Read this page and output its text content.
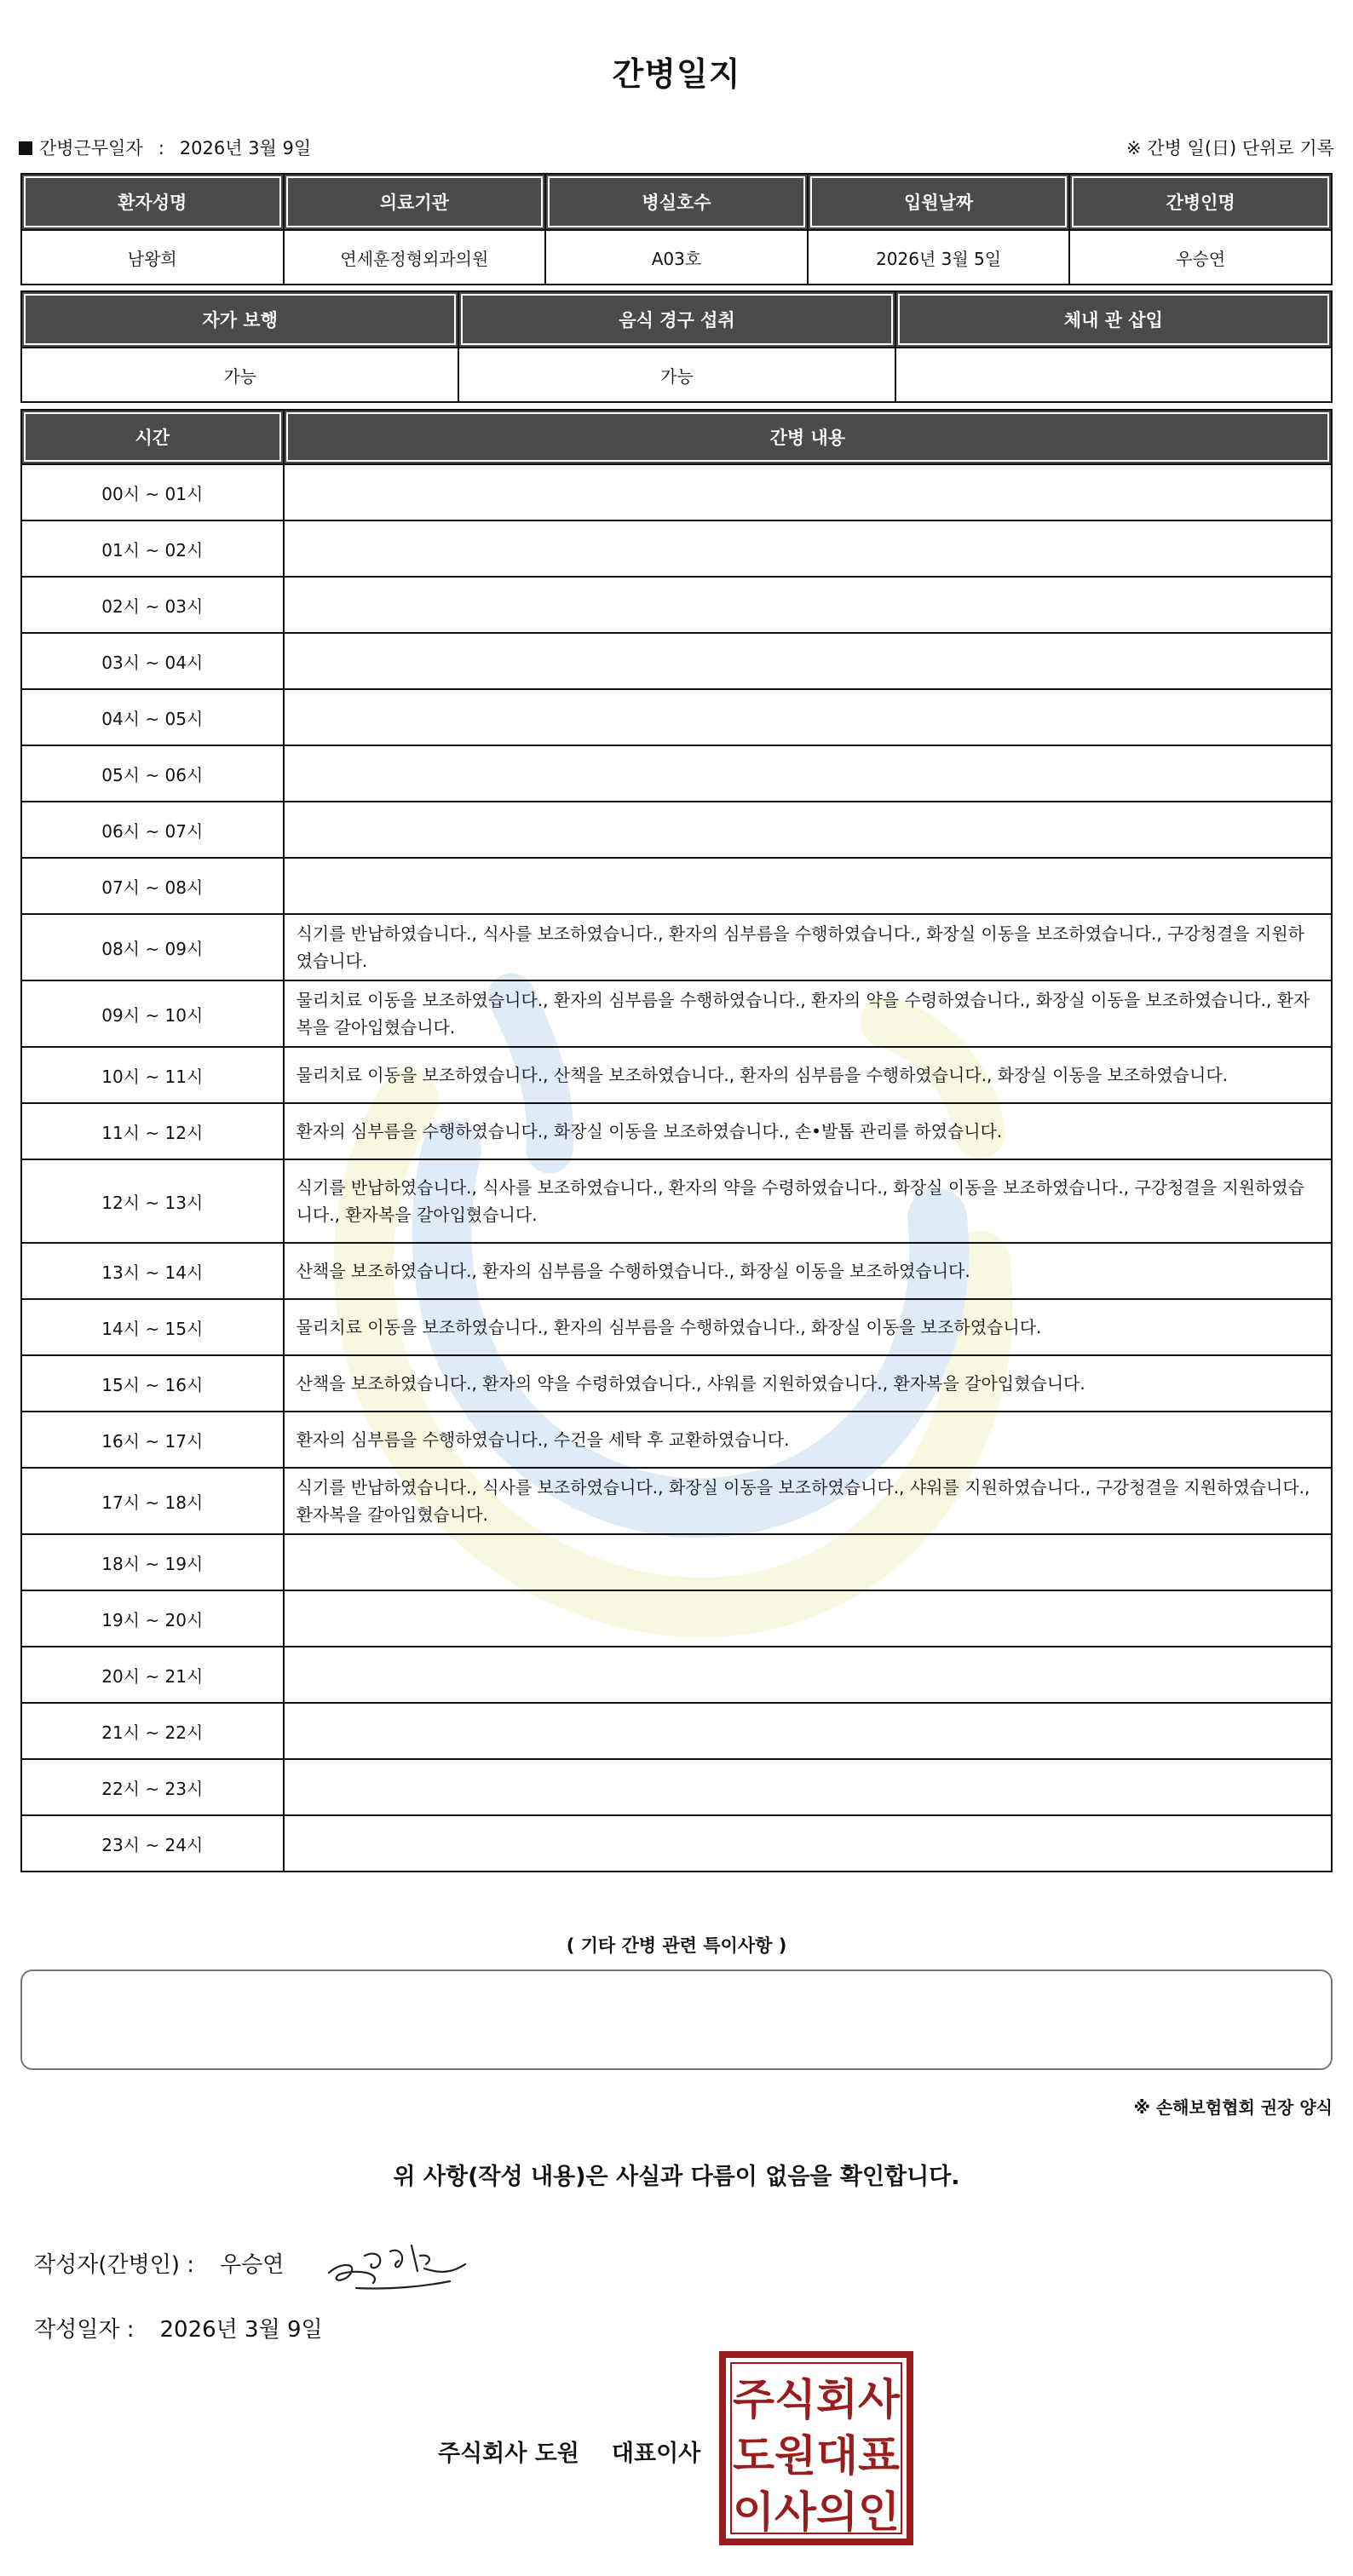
간병일지
간병근무일자 : 2026년 3월 9일	※ 간병 일(日) 단위로 기록
환자성명	의료기관	병실호수	입원날짜	간병인명
남왕희	연세훈정형외과의원	A03호	2026년 3월 5일	우승연
자가 보행	음식 경구 섭취	체내 관 삽입
가능	가능	
시간	간병 내용
00시 ~ 01시	
01시 ~ 02시	
02시 ~ 03시	
03시 ~ 04시	
04시 ~ 05시	
05시 ~ 06시	
06시 ~ 07시	
07시 ~ 08시	
08시 ~ 09시	식기를 반납하였습니다., 식사를 보조하였습니다., 환자의 심부름을 수행하였습니다., 화장실 이동을 보조하였습니다., 구강청결을 지원하였습니다.
09시 ~ 10시	물리치료 이동을 보조하였습니다., 환자의 심부름을 수행하였습니다., 환자의 약을 수령하였습니다., 화장실 이동을 보조하였습니다., 환자복을 갈아입혔습니다.
10시 ~ 11시	물리치료 이동을 보조하였습니다., 산책을 보조하였습니다., 환자의 심부름을 수행하였습니다., 화장실 이동을 보조하였습니다.
11시 ~ 12시	환자의 심부름을 수행하였습니다., 화장실 이동을 보조하였습니다., 손•발톱 관리를 하였습니다.
12시 ~ 13시	식기를 반납하였습니다., 식사를 보조하였습니다., 환자의 약을 수령하였습니다., 화장실 이동을 보조하였습니다., 구강청결을 지원하였습니다., 환자복을 갈아입혔습니다.
13시 ~ 14시	산책을 보조하였습니다., 환자의 심부름을 수행하였습니다., 화장실 이동을 보조하였습니다.
14시 ~ 15시	물리치료 이동을 보조하였습니다., 환자의 심부름을 수행하였습니다., 화장실 이동을 보조하였습니다.
15시 ~ 16시	산책을 보조하였습니다., 환자의 약을 수령하였습니다., 샤워를 지원하였습니다., 환자복을 갈아입혔습니다.
16시 ~ 17시	환자의 심부름을 수행하였습니다., 수건을 세탁 후 교환하였습니다.
17시 ~ 18시	식기를 반납하였습니다., 식사를 보조하였습니다., 화장실 이동을 보조하였습니다., 샤워를 지원하였습니다., 구강청결을 지원하였습니다., 환자복을 갈아입혔습니다.
18시 ~ 19시	
19시 ~ 20시	
20시 ~ 21시	
21시 ~ 22시	
22시 ~ 23시	
23시 ~ 24시	
( 기타 간병 관련 특이사항 )
※ 손해보험협회 권장 양식
위 사항(작성 내용)은 사실과 다름이 없음을 확인합니다.
작성자(간병인) : 우승연
작성일자 : 2026년 3월 9일
주식회사 도원 대표이사
주식회사
도원대표
이사의인
